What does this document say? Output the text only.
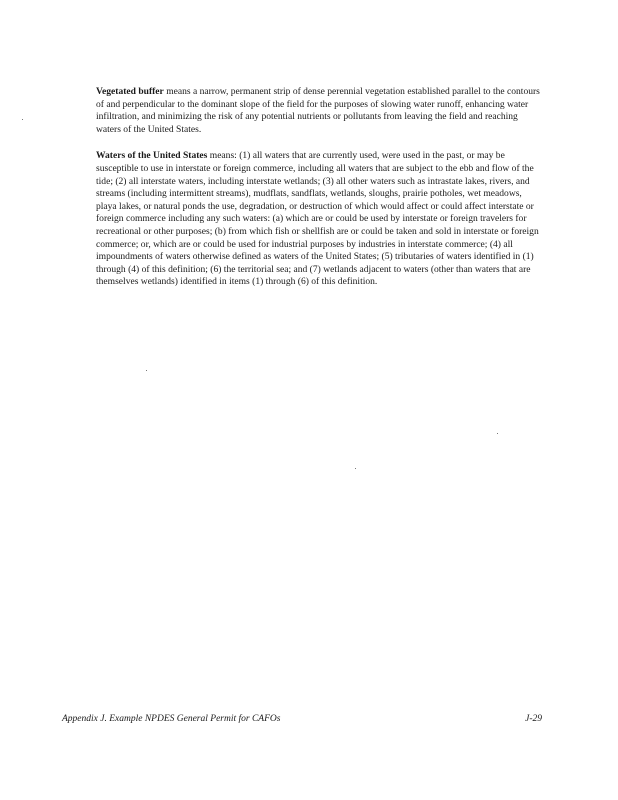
Vegetated buffer means a narrow, permanent strip of dense perennial vegetation established parallel to the contours of and perpendicular to the dominant slope of the field for the purposes of slowing water runoff, enhancing water infiltration, and minimizing the risk of any potential nutrients or pollutants from leaving the field and reaching waters of the United States.

Waters of the United States means: (1) all waters that are currently used, were used in the past, or may be susceptible to use in interstate or foreign commerce, including all waters that are subject to the ebb and flow of the tide; (2) all interstate waters, including interstate wetlands; (3) all other waters such as intrastate lakes, rivers, and streams (including intermittent streams), mudflats, sandflats, wetlands, sloughs, prairie potholes, wet meadows, playa lakes, or natural ponds the use, degradation, or destruction of which would affect or could affect interstate or foreign commerce including any such waters: (a) which are or could be used by interstate or foreign travelers for recreational or other purposes; (b) from which fish or shellfish are or could be taken and sold in interstate or foreign commerce; or, which are or could be used for industrial purposes by industries in interstate commerce; (4) all impoundments of waters otherwise defined as waters of the United States; (5) tributaries of waters identified in (1) through (4) of this definition; (6) the territorial sea; and (7) wetlands adjacent to waters (other than waters that are themselves wetlands) identified in items (1) through (6) of this definition.

Appendix J. Example NPDES General Permit for CAFOs	J-29
